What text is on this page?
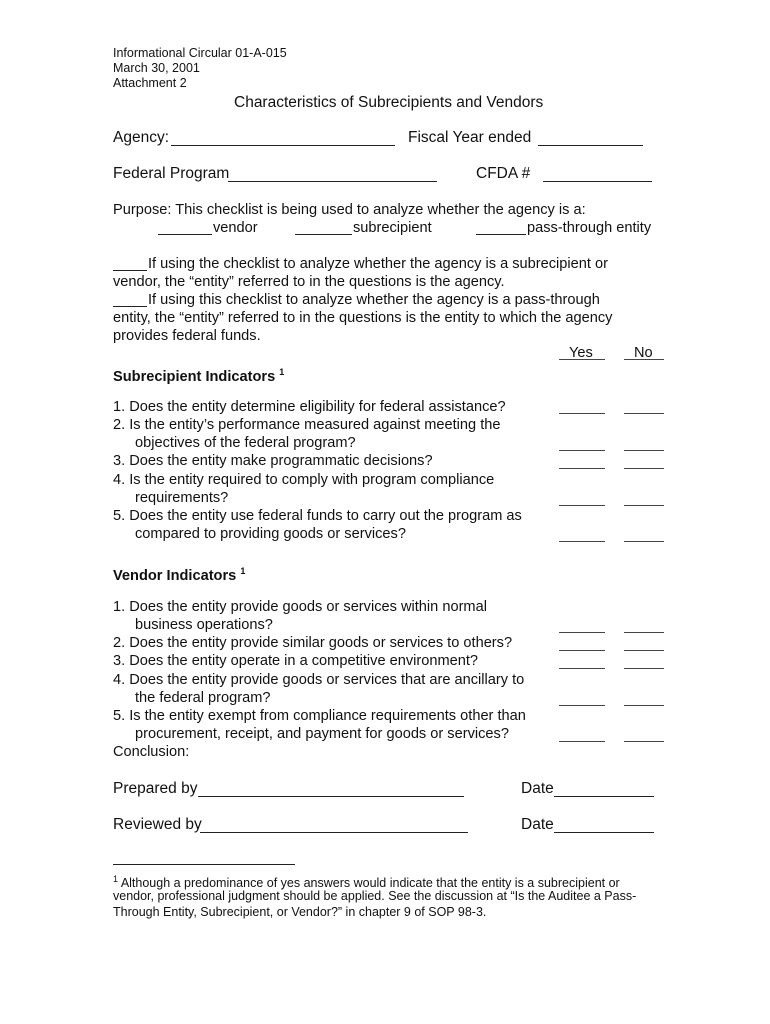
Informational Circular 01-A-015
March 30, 2001
Attachment 2
Characteristics of Subrecipients and Vendors
Agency:	Fiscal Year ended
Federal Program	CFDA #
Purpose: This checklist is being used to analyze whether the agency is a:
vendor	subrecipient	pass-through entity
If using the checklist to analyze whether the agency is a subrecipient or
vendor, the “entity” referred to in the questions is the agency.
If using this checklist to analyze whether the agency is a pass-through
entity, the “entity” referred to in the questions is the entity to which the agency
provides federal funds.
Yes	No
Subrecipient Indicators $^1$
1. Does the entity determine eligibility for federal assistance?
2. Is the entity’s performance measured against meeting the
objectives of the federal program?
3. Does the entity make programmatic decisions?
4. Is the entity required to comply with program compliance
requirements?
5. Does the entity use federal funds to carry out the program as
compared to providing goods or services?
Vendor Indicators $^1$
1. Does the entity provide goods or services within normal
business operations?
2. Does the entity provide similar goods or services to others?
3. Does the entity operate in a competitive environment?
4. Does the entity provide goods or services that are ancillary to
the federal program?
5. Is the entity exempt from compliance requirements other than
procurement, receipt, and payment for goods or services?
Conclusion:
Prepared by	Date
Reviewed by	Date
$^1$ Although a predominance of yes answers would indicate that the entity is a subrecipient or
vendor, professional judgment should be applied. See the discussion at “Is the Auditee a Pass-
Through Entity, Subrecipient, or Vendor?” in chapter 9 of SOP 98-3.
